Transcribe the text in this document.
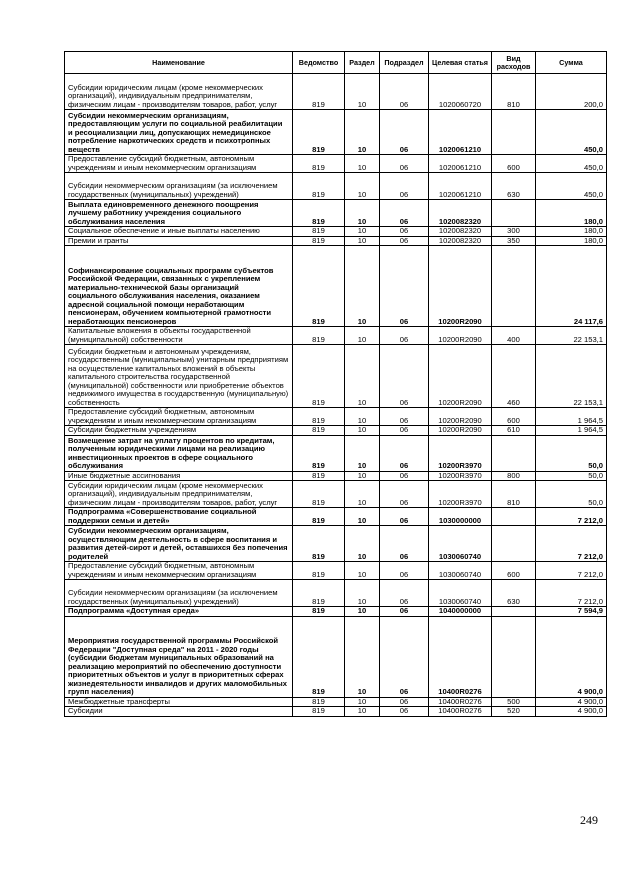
Наименование	Ведомство	Раздел	Подраздел	Целевая статья	Вид расходов	Сумма
Субсидии юридическим лицам (кроме некоммерческих организаций), индивидуальным предпринимателям, физическим лицам - производителям товаров, работ, услуг	819	10	06	1020060720	810	200,0
Субсидии некоммерческим организациям, предоставляющим услуги по социальной реабилитации и ресоциализации лиц, допускающих немедицинское потребление наркотических средств и психотропных веществ	819	10	06	1020061210		450,0
Предоставление субсидий бюджетным, автономным учреждениям и иным некоммерческим организациям	819	10	06	1020061210	600	450,0
Субсидии некоммерческим организациям (за исключением государственных (муниципальных) учреждений)	819	10	06	1020061210	630	450,0
Выплата единовременного денежного поощрения лучшему работнику учреждения социального обслуживания населения	819	10	06	1020082320		180,0
Социальное обеспечение и иные выплаты населению	819	10	06	1020082320	300	180,0
Премии и гранты	819	10	06	1020082320	350	180,0
Софинансирование социальных программ субъектов Российской Федерации, связанных с укреплением материально-технической базы организаций социального обслуживания населения, оказанием адресной социальной помощи неработающим пенсионерам, обучением компьютерной грамотности неработающих пенсионеров	819	10	06	10200R2090		24 117,6
Капитальные вложения в объекты государственной (муниципальной) собственности	819	10	06	10200R2090	400	22 153,1
Субсидии бюджетным и автономным учреждениям, государственным (муниципальным) унитарным предприятиям на осуществление капитальных вложений в объекты капитального строительства государственной (муниципальной) собственности или приобретение объектов недвижимого имущества в государственную (муниципальную) собственность	819	10	06	10200R2090	460	22 153,1
Предоставление субсидий бюджетным, автономным учреждениям и иным некоммерческим организациям	819	10	06	10200R2090	600	1 964,5
Субсидии бюджетным учреждениям	819	10	06	10200R2090	610	1 964,5
Возмещение затрат на уплату процентов по кредитам, полученным юридическими лицами на реализацию инвестиционных проектов в сфере социального обслуживания	819	10	06	10200R3970		50,0
Иные бюджетные ассигнования	819	10	06	10200R3970	800	50,0
Субсидии юридическим лицам (кроме некоммерческих организаций), индивидуальным предпринимателям, физическим лицам - производителям товаров, работ, услуг	819	10	06	10200R3970	810	50,0
Подпрограмма «Совершенствование социальной поддержки семьи и детей»	819	10	06	1030000000		7 212,0
Субсидии некоммерческим организациям, осуществляющим деятельность в сфере воспитания и развития детей-сирот и детей, оставшихся без попечения родителей	819	10	06	1030060740		7 212,0
Предоставление субсидий бюджетным, автономным учреждениям и иным некоммерческим организациям	819	10	06	1030060740	600	7 212,0
Субсидии некоммерческим организациям (за исключением государственных (муниципальных) учреждений)	819	10	06	1030060740	630	7 212,0
Подпрограмма «Доступная среда»	819	10	06	1040000000		7 594,9
Мероприятия государственной программы Российской Федерации "Доступная среда" на 2011 - 2020 годы (субсидии бюджетам муниципальных образований на реализацию мероприятий по обеспечению доступности приоритетных объектов и услуг в приоритетных сферах жизнедеятельности инвалидов и других маломобильных групп населения)	819	10	06	10400R0276		4 900,0
Межбюджетные трансферты	819	10	06	10400R0276	500	4 900,0
Субсидии	819	10	06	10400R0276	520	4 900,0
249
